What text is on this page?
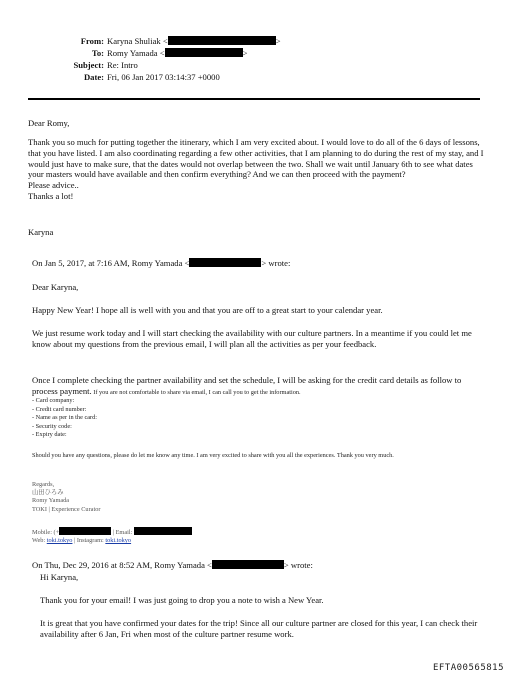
From: Karyna Shuliak <	>
To: Romy Yamada <	>
Subject: Re: Intro
Date: Fri, 06 Jan 2017 03:14:37 +0000
Dear Romy,

Thank you so much for putting together the itinerary, which I am very excited about. I would love to do all of the 6 days of lessons, that you have listed. I am also coordinating regarding a few other activities, that I am planning to do during the rest of my stay, and I would just have to make sure, that the dates would not overlap between the two. Shall we wait until January 6th to see what dates your masters would have available and then confirm everything? And we can then proceed with the payment?

Please advice..

Thanks a lot!

Karyna
On Jan 5, 2017, at 7:16 AM, Romy Yamada <	> wrote:
Dear Karyna,
Happy New Year! I hope all is well with you and that you are off to a great start to your calendar year.
We just resume work today and I will start checking the availability with our culture partners. In a meantime if you could let me know about my questions from the previous email, I will plan all the activities as per your feedback.
Once I complete checking the partner availability and set the schedule, I will be asking for the credit card details as follow to process payment. If you are not comfortable to share via email, I can call you to get the information.
- Card company:
- Credit card number:
- Name as per in the card:
- Security code:
- Expiry date:
Should you have any questions, please do let me know any time. I am very excited to share with you all the experiences. Thank you very much.
Regards,
山田ひろみ
Romy Yamada
TOKI | Experience Curator
Mobile: (+	| Email:
Web: toki.tokyo | Instagram: toki.tokyo
On Thu, Dec 29, 2016 at 8:52 AM, Romy Yamada <	> wrote:
Hi Karyna,
Thank you for your email! I was just going to drop you a note to wish a New Year.
It is great that you have confirmed your dates for the trip! Since all our culture partner are closed for this year, I can check their availability after 6 Jan, Fri when most of the culture partner resume work.
EFTA00565815
